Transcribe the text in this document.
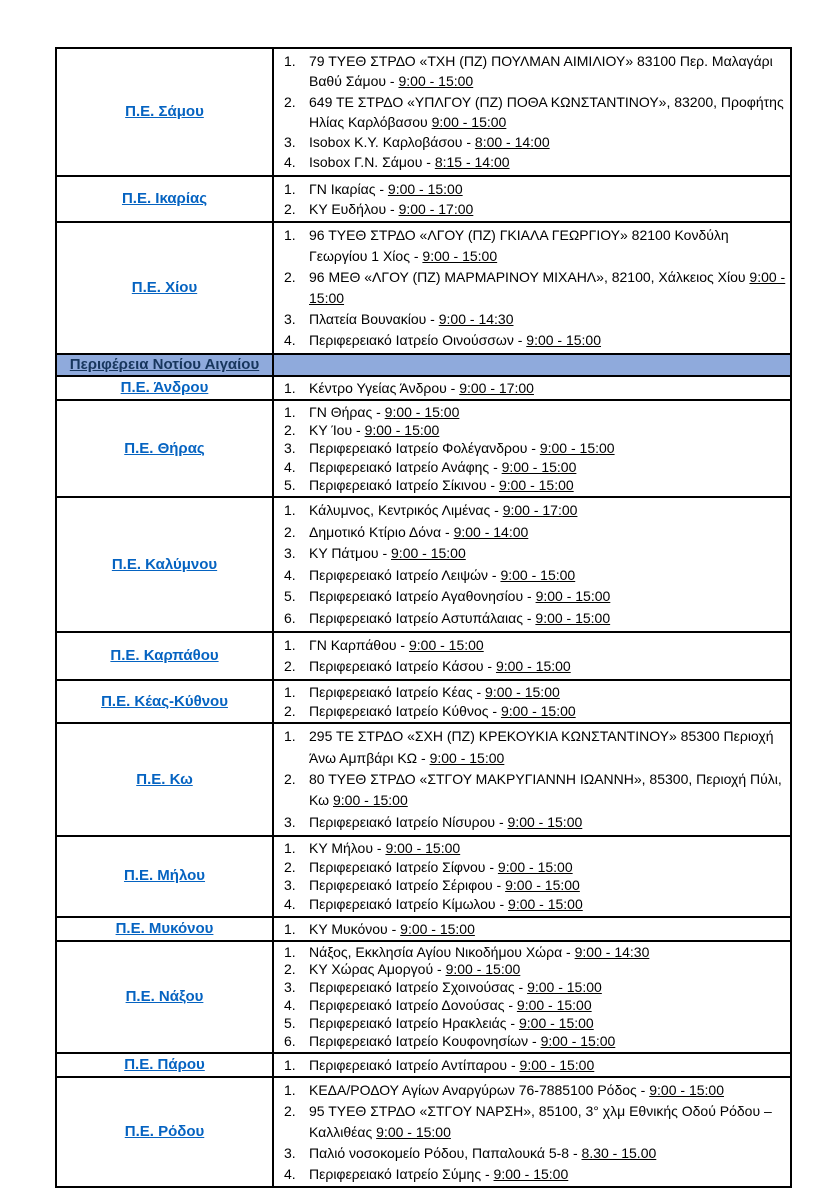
Π.Ε. Σάμου	
79 ΤΥΕΘ ΣΤΡΔΟ «ΤΧΗ (ΠΖ) ΠΟΥΛΜΑΝ ΑΙΜΙΛΙΟΥ» 83100 Περ. Μαλαγάρι Βαθύ Σάμου - 9:00 - 15:00
649 ΤΕ ΣΤΡΔΟ «ΥΠΛΓΟΥ (ΠΖ) ΠΟΘΑ ΚΩΝΣΤΑΝΤΙΝΟΥ», 83200, Προφήτης Ηλίας Καρλόβασου 9:00 - 15:00
Isobox Κ.Υ. Καρλοβάσου - 8:00 - 14:00
Isobox Γ.Ν. Σάμου - 8:15 - 14:00

Π.Ε. Ικαρίας	
ΓΝ Ικαρίας - 9:00 - 15:00
ΚΥ Ευδήλου - 9:00 - 17:00

Π.Ε. Χίου	
96 ΤΥΕΘ ΣΤΡΔΟ «ΛΓΟΥ (ΠΖ) ΓΚΙΑΛΑ ΓΕΩΡΓΙΟΥ» 82100 Κονδύλη Γεωργίου 1 Χίος - 9:00 - 15:00
96 ΜΕΘ «ΛΓΟΥ (ΠΖ) ΜΑΡΜΑΡΙΝΟΥ ΜΙΧΑΗΛ», 82100, Χάλκειος Χίου 9:00 - 15:00
Πλατεία Βουνακίου - 9:00 - 14:30
Περιφερειακό Ιατρείο Οινούσσων - 9:00 - 15:00

Περιφέρεια Νοτίου Αιγαίου	

Π.Ε. Άνδρου	Κέντρο Υγείας Άνδρου - 9:00 - 17:00

Π.Ε. Θήρας	
ΓΝ Θήρας - 9:00 - 15:00
ΚΥ Ίου - 9:00 - 15:00
Περιφερειακό Ιατρείο Φολέγανδρου - 9:00 - 15:00
Περιφερειακό Ιατρείο Ανάφης - 9:00 - 15:00
Περιφερειακό Ιατρείο Σίκινου - 9:00 - 15:00

Π.Ε. Καλύμνου	
Κάλυμνος, Κεντρικός Λιμένας - 9:00 - 17:00
Δημοτικό Κτίριο Δόνα - 9:00 - 14:00
ΚΥ Πάτμου - 9:00 - 15:00
Περιφερειακό Ιατρείο Λειψών - 9:00 - 15:00
Περιφερειακό Ιατρείο Αγαθονησίου - 9:00 - 15:00
Περιφερειακό Ιατρείο Αστυπάλαιας - 9:00 - 15:00

Π.Ε. Καρπάθου	
ΓΝ Καρπάθου - 9:00 - 15:00
Περιφερειακό Ιατρείο Κάσου - 9:00 - 15:00

Π.Ε. Κέας-Κύθνου	
Περιφερειακό Ιατρείο Κέας - 9:00 - 15:00
Περιφερειακό Ιατρείο Κύθνος - 9:00 - 15:00

Π.Ε. Κω	
295 ΤΕ ΣΤΡΔΟ «ΣΧΗ (ΠΖ) ΚΡΕΚΟΥΚΙΑ ΚΩΝΣΤΑΝΤΙΝΟΥ» 85300 Περιοχή Άνω Αμπβάρι ΚΩ - 9:00 - 15:00
80 ΤΥΕΘ ΣΤΡΔΟ «ΣΤΓΟΥ ΜΑΚΡΥΓΙΑΝΝΗ ΙΩΑΝΝΗ», 85300, Περιοχή Πύλι, Κω 9:00 - 15:00
Περιφερειακό Ιατρείο Νίσυρου - 9:00 - 15:00

Π.Ε. Μήλου	
ΚΥ Μήλου - 9:00 - 15:00
Περιφερειακό Ιατρείο Σίφνου - 9:00 - 15:00
Περιφερειακό Ιατρείο Σέριφου - 9:00 - 15:00
Περιφερειακό Ιατρείο Κίμωλου - 9:00 - 15:00

Π.Ε. Μυκόνου	ΚΥ Μυκόνου - 9:00 - 15:00

Π.Ε. Νάξου	
Νάξος, Εκκλησία Αγίου Νικοδήμου Χώρα - 9:00 - 14:30
ΚΥ Χώρας Αμοργού - 9:00 - 15:00
Περιφερειακό Ιατρείο Σχοινούσας - 9:00 - 15:00
Περιφερειακό Ιατρείο Δονούσας - 9:00 - 15:00
Περιφερειακό Ιατρείο Ηρακλειάς - 9:00 - 15:00
Περιφερειακό Ιατρείο Κουφονησίων - 9:00 - 15:00

Π.Ε. Πάρου	Περιφερειακό Ιατρείο Αντίπαρου - 9:00 - 15:00

Π.Ε. Ρόδου	
ΚΕΔΑ/ΡΟΔΟΥ Αγίων Αναργύρων 76-7885100 Ρόδος - 9:00 - 15:00
95 ΤΥΕΘ ΣΤΡΔΟ «ΣΤΓΟΥ ΝΑΡΣΗ», 85100, 3° χλμ Εθνικής Οδού Ρόδου – Καλλιθέας 9:00 - 15:00
Παλιό νοσοκομείο Ρόδου, Παπαλουκά 5-8 - 8.30 - 15.00
Περιφερειακό Ιατρείο Σύμης - 9:00 - 15:00
